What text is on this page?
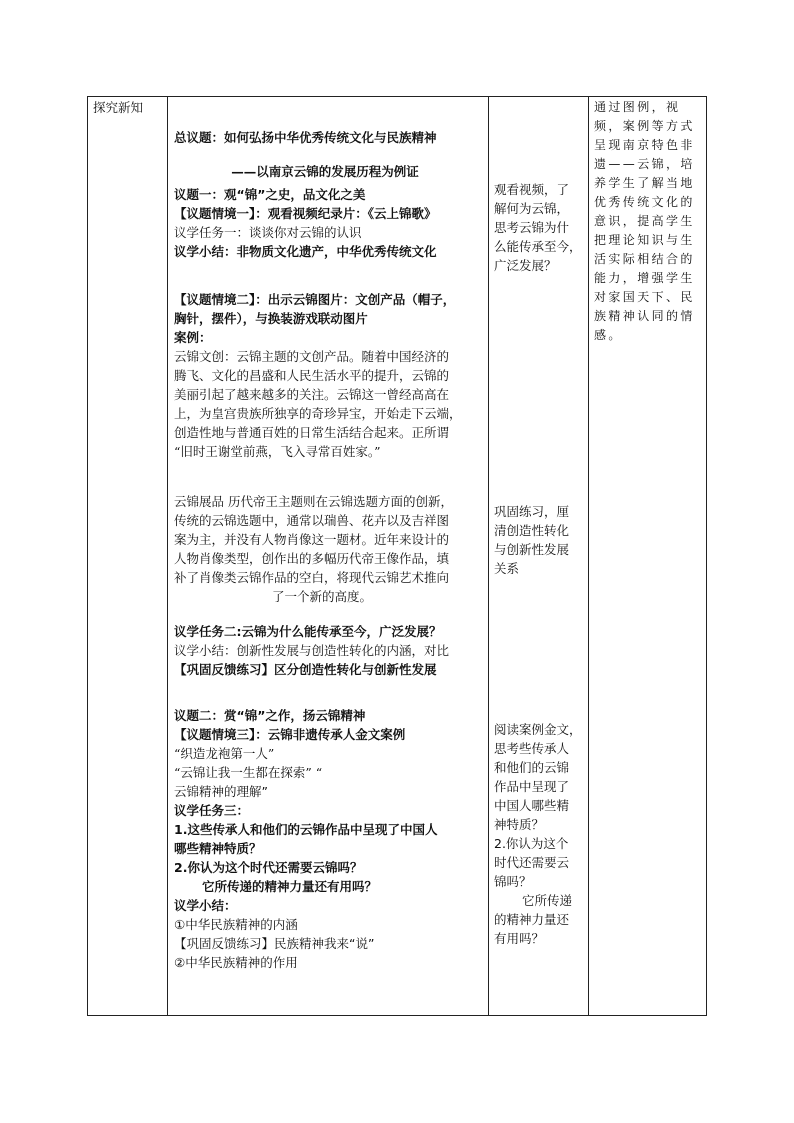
探究新知
总议题：如何弘扬中华优秀传统文化与民族精神
——以南京云锦的发展历程为例证
议题一：观“锦”之史，品文化之美
【议题情境一】：观看视频纪录片：《云上锦歌》
议学任务一：谈谈你对云锦的认识
议学小结：非物质文化遗产，中华优秀传统文化
【议题情境二】：出示云锦图片：文创产品（帽子，
胸针，摆件），与换装游戏联动图片
案例：
云锦文创：云锦主题的文创产品。随着中国经济的
腾飞、文化的昌盛和人民生活水平的提升，云锦的
美丽引起了越来越多的关注。云锦这一曾经高高在
上，为皇宫贵族所独享的奇珍异宝，开始走下云端，
创造性地与普通百姓的日常生活结合起来。正所谓
“旧时王谢堂前燕，飞入寻常百姓家。”
云锦展品 历代帝王主题则在云锦选题方面的创新，
传统的云锦选题中，通常以瑞兽、花卉以及吉祥图
案为主，并没有人物肖像这一题材。近年来设计的
人物肖像类型，创作出的多幅历代帝王像作品，填
补了肖像类云锦作品的空白，将现代云锦艺术推向
了一个新的高度。
议学任务二:云锦为什么能传承至今，广泛发展？
议学小结：创新性发展与创造性转化的内涵，对比
【巩固反馈练习】区分创造性转化与创新性发展
议题二：赏“锦”之作，扬云锦精神
【议题情境三】：云锦非遗传承人金文案例
“织造龙袍第一人”
“云锦让我一生都在探索” “
云锦精神的理解”
议学任务三：
1.这些传承人和他们的云锦作品中呈现了中国人
哪些精神特质？
2.你认为这个时代还需要云锦吗？
它所传递的精神力量还有用吗？
议学小结：
①中华民族精神的内涵
【巩固反馈练习】民族精神我来“说”
②中华民族精神的作用
观看视频，了
解何为云锦，
思考云锦为什
么能传承至今，
广泛发展？
巩固练习，厘
清创造性转化
与创新性发展
关系
阅读案例金文，
思考些传承人
和他们的云锦
作品中呈现了
中国人哪些精
神特质？
2.你认为这个
时代还需要云
锦吗？
它所传递
的精神力量还
有用吗？
通过图例，视频，案例等方式呈现南京特色非遗——云锦，培养学生了解当地优秀传统文化的意识，提高学生把理论知识与生活实际相结合的能力，增强学生对家国天下、民族精神认同的情感。
